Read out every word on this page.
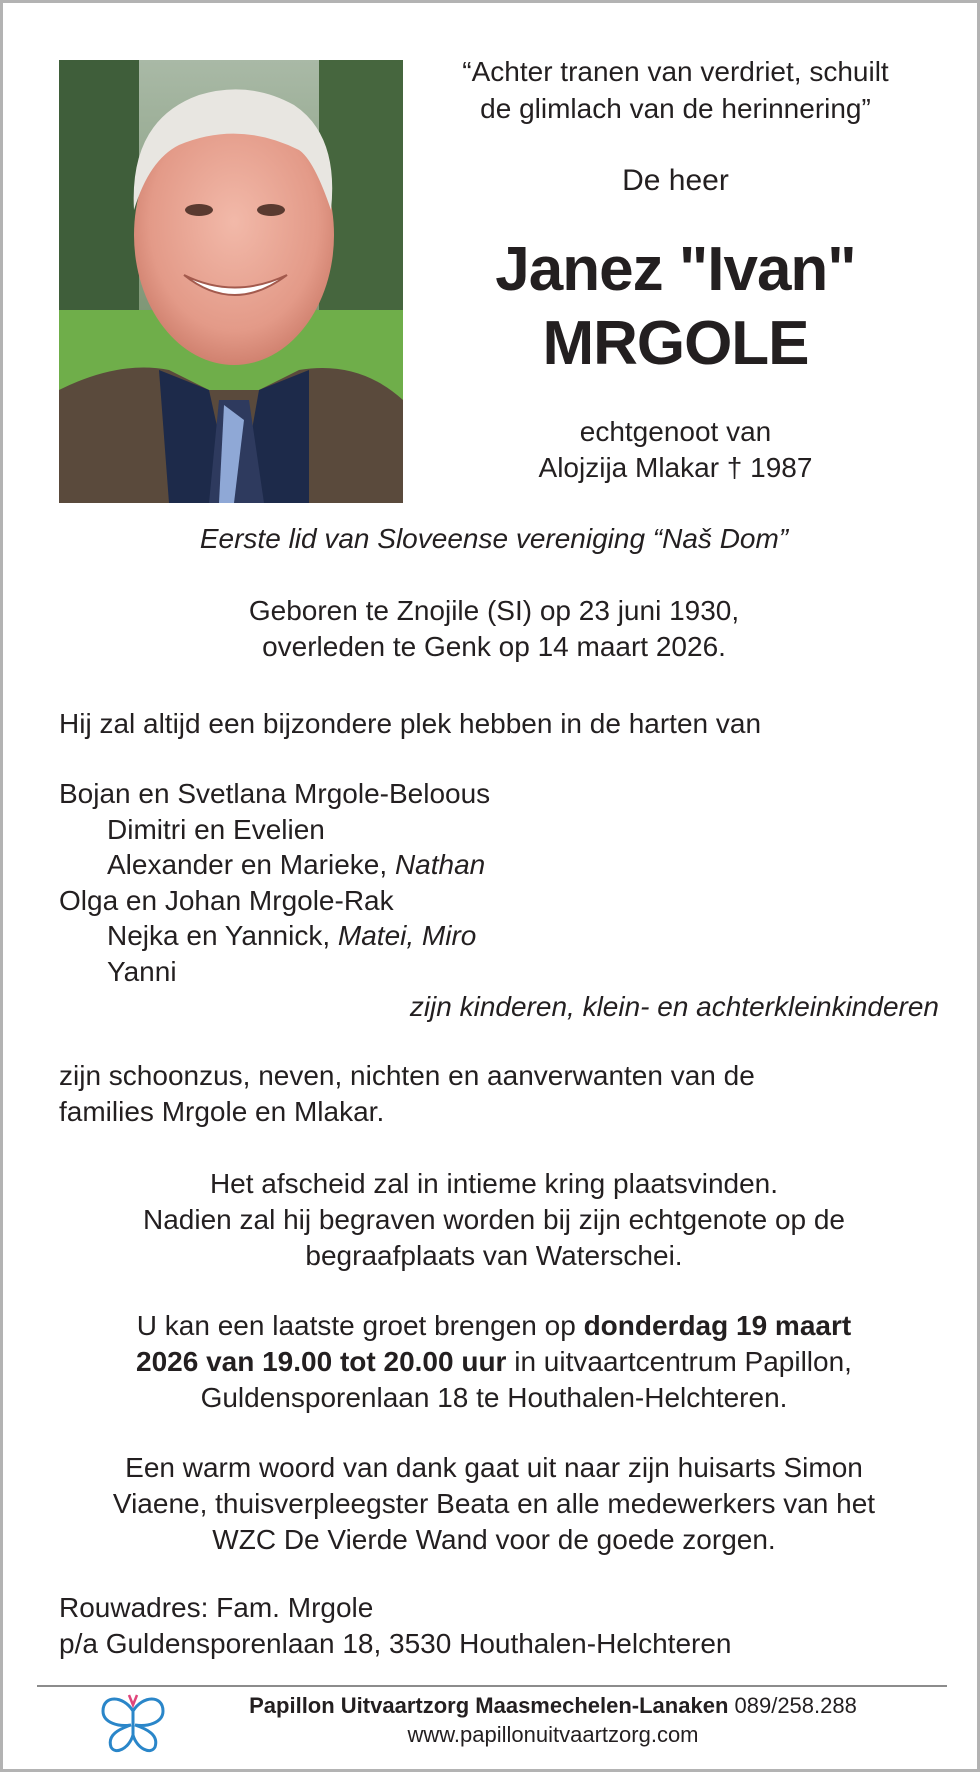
“Achter tranen van verdriet, schuilt
de glimlach van de herinnering”
De heer
Janez "Ivan"
MRGOLE
echtgenoot van
Alojzija Mlakar † 1987
Eerste lid van Sloveense vereniging “Naš Dom”
Geboren te Znojile (SI) op 23 juni 1930,
overleden te Genk op 14 maart 2026.
Hij zal altijd een bijzondere plek hebben in de harten van
Bojan en Svetlana Mrgole-Beloous
Dimitri en Evelien
Alexander en Marieke, Nathan
Olga en Johan Mrgole-Rak
Nejka en Yannick, Matei, Miro
Yanni
zijn kinderen, klein- en achterkleinkinderen
zijn schoonzus, neven, nichten en aanverwanten van de
families Mrgole en Mlakar.
Het afscheid zal in intieme kring plaatsvinden.
Nadien zal hij begraven worden bij zijn echtgenote op de
begraafplaats van Waterschei.
U kan een laatste groet brengen op donderdag 19 maart
2026 van 19.00 tot 20.00 uur in uitvaartcentrum Papillon,
Guldensporenlaan 18 te Houthalen-Helchteren.
Een warm woord van dank gaat uit naar zijn huisarts Simon
Viaene, thuisverpleegster Beata en alle medewerkers van het
WZC De Vierde Wand voor de goede zorgen.
Rouwadres: Fam. Mrgole
p/a Guldensporenlaan 18, 3530 Houthalen-Helchteren
Papillon Uitvaartzorg Maasmechelen-Lanaken 089/258.288
www.papillonuitvaartzorg.com
